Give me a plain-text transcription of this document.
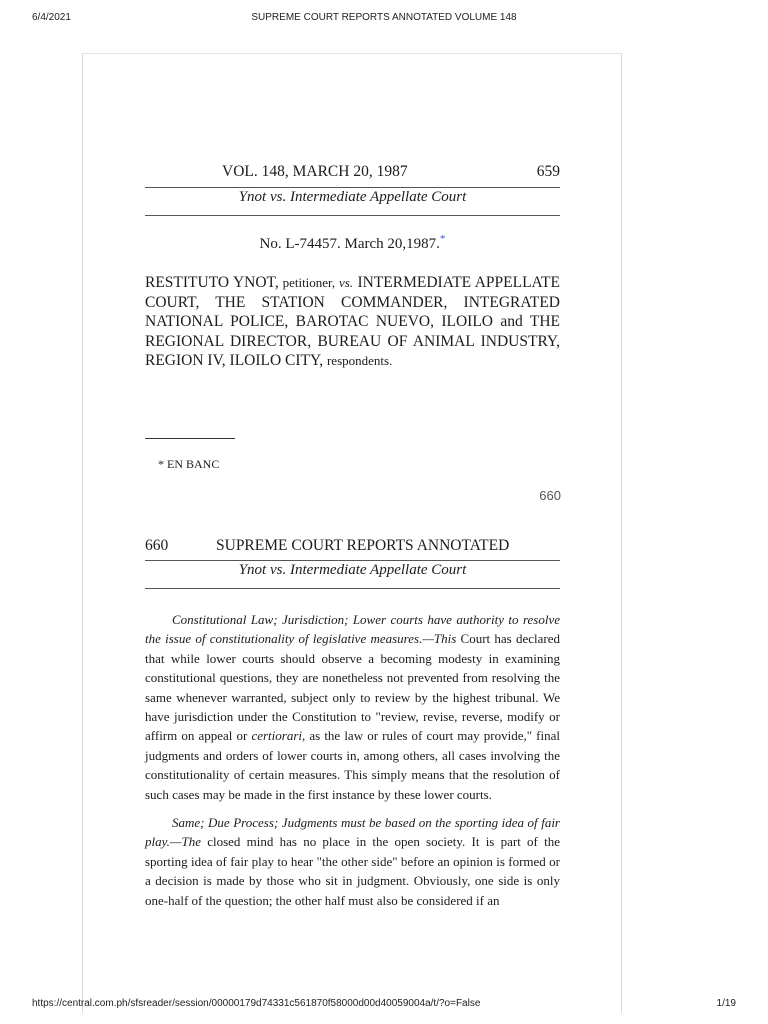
6/4/2021	SUPREME COURT REPORTS ANNOTATED VOLUME 148
VOL. 148, MARCH 20, 1987	659
Ynot vs. Intermediate Appellate Court
No. L-74457. March 20,1987.*
RESTITUTO YNOT, petitioner, vs. INTERMEDIATE APPELLATE COURT, THE STATION COMMANDER, INTEGRATED NATIONAL POLICE, BAROTAC NUEVO, ILOILO and THE REGIONAL DIRECTOR, BUREAU OF ANIMAL INDUSTRY, REGION IV, ILOILO CITY, respondents.
* EN BANC
660
660	SUPREME COURT REPORTS ANNOTATED
Ynot vs. Intermediate Appellate Court

Constitutional Law; Jurisdiction; Lower courts have authority to resolve the issue of constitutionality of legislative measures.—This Court has declared that while lower courts should observe a becoming modesty in examining constitutional questions, they are nonetheless not prevented from resolving the same whenever warranted, subject only to review by the highest tribunal. We have jurisdiction under the Constitution to "review, revise, reverse, modify or affirm on appeal or certiorari, as the law or rules of court may provide," final judgments and orders of lower courts in, among others, all cases involving the constitutionality of certain measures. This simply means that the resolution of such cases may be made in the first instance by these lower courts.

Same; Due Process; Judgments must be based on the sporting idea of fair play.—The closed mind has no place in the open society. It is part of the sporting idea of fair play to hear "the other side" before an opinion is formed or a decision is made by those who sit in judgment. Obviously, one side is only one-half of the question; the other half must also be considered if an

https://central.com.ph/sfsreader/session/00000179d74331c561870f58000d00d40059004a/t/?o=False	1/19
